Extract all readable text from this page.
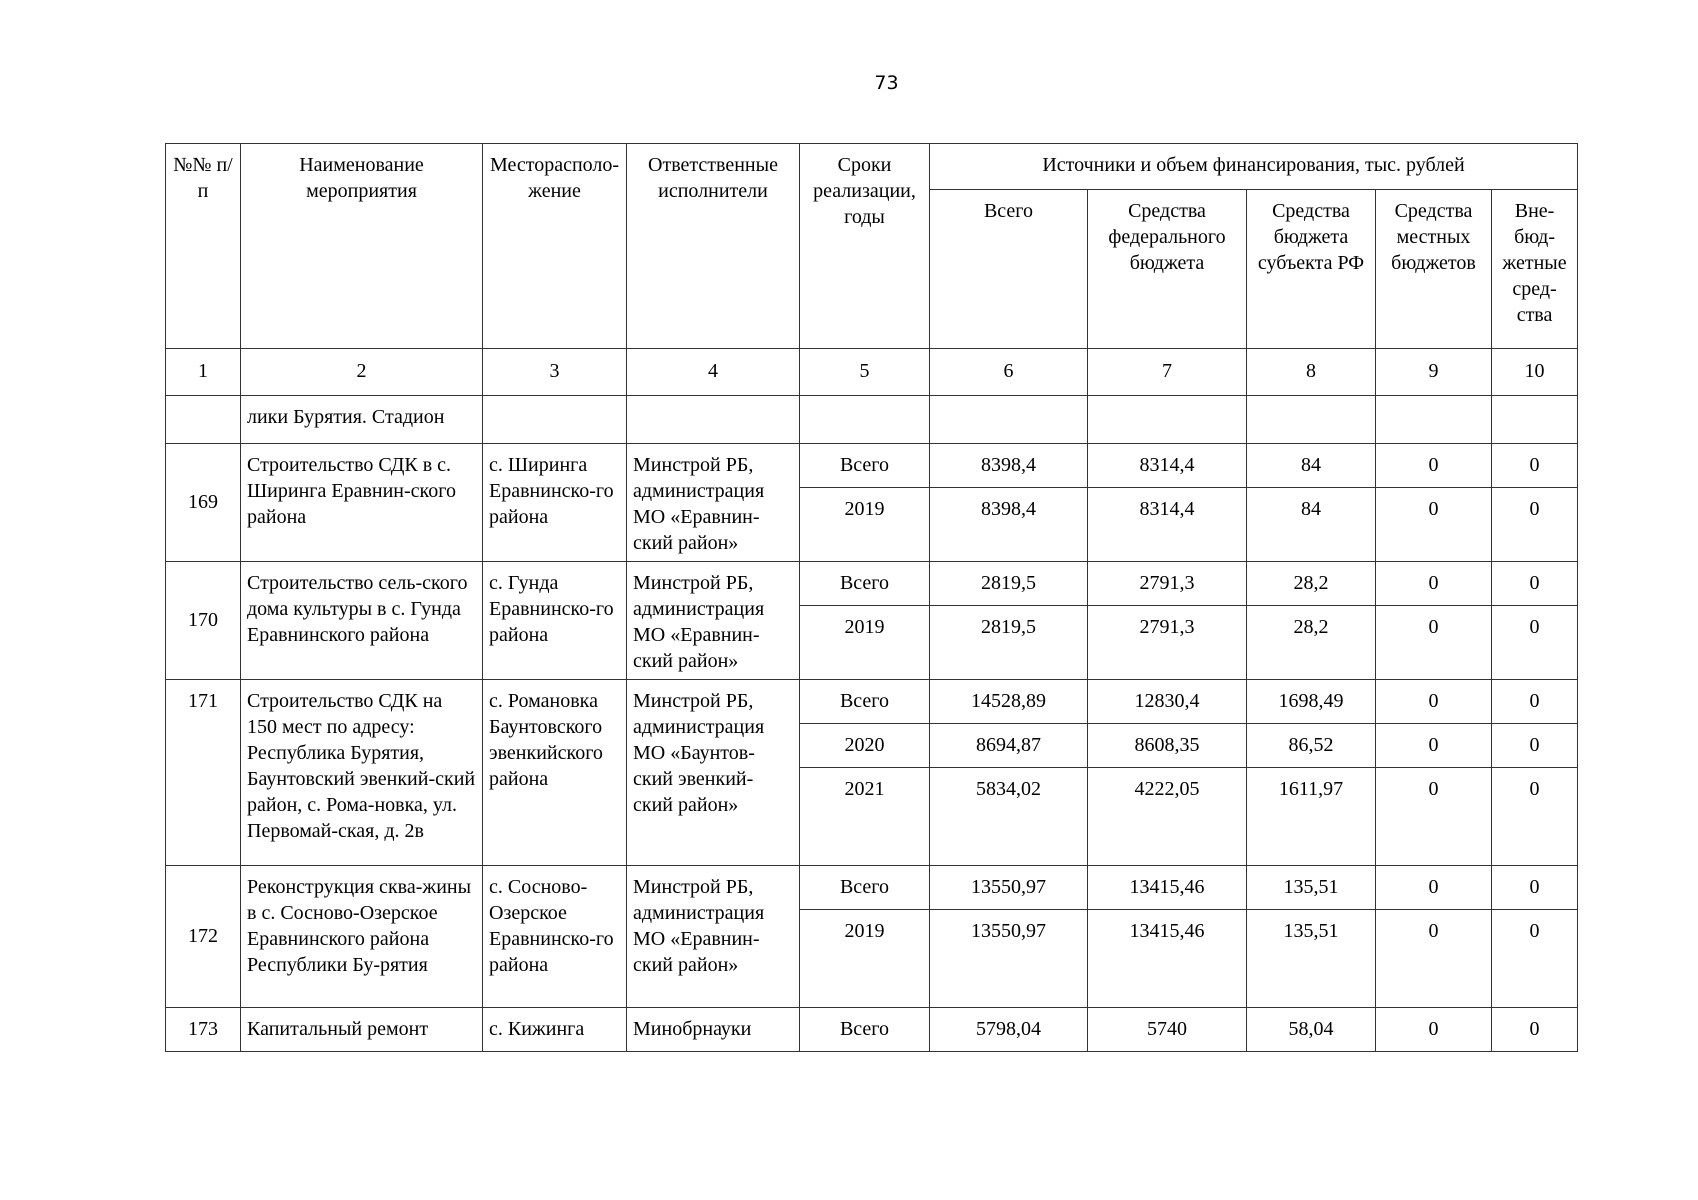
73
№№ п/п	Наименование мероприятия	Месторасполо-жение	Ответственные исполнители	Сроки реализации, годы	Источники и объем финансирования, тыс. рублей				
					Всего	Средства федерального бюджета	Средства бюджета субъекта РФ	Средства местных бюджетов	Вне-бюд-жетные сред-ства
1	2	3	4	5	6	7	8	9	10
	лики Бурятия. Стадион								
169	Строительство СДК в с. Ширинга Еравнин-ского района	с. Ширинга Еравнинско-го района	Минстрой РБ, администрация МО «Еравнин-ский район»	Всего	8398,4	8314,4	84	0	0
				2019	8398,4	8314,4	84	0	0
170	Строительство сель-ского дома культуры в с. Гунда Еравнинского района	с. Гунда Еравнинско-го района	Минстрой РБ, администрация МО «Еравнин-ский район»	Всего	2819,5	2791,3	28,2	0	0
				2019	2819,5	2791,3	28,2	0	0
171	Строительство СДК на 150 мест по адресу: Республика Бурятия, Баунтовский эвенкий-ский район, с. Рома-новка, ул. Первомай-ская, д. 2в	с. Романовка Баунтовского эвенкийского района	Минстрой РБ, администрация МО «Баунтов-ский эвенкий-ский район»	Всего	14528,89	12830,4	1698,49	0	0
				2020	8694,87	8608,35	86,52	0	0
				2021	5834,02	4222,05	1611,97	0	0
172	Реконструкция сква-жины в с. Сосново-Озерское Еравнинского района Республики Бу-рятия	с. Сосново-Озерское Еравнинско-го района	Минстрой РБ, администрация МО «Еравнин-ский район»	Всего	13550,97	13415,46	135,51	0	0
				2019	13550,97	13415,46	135,51	0	0
173	Капитальный ремонт	с. Кижинга	Минобрнауки	Всего	5798,04	5740	58,04	0	0
